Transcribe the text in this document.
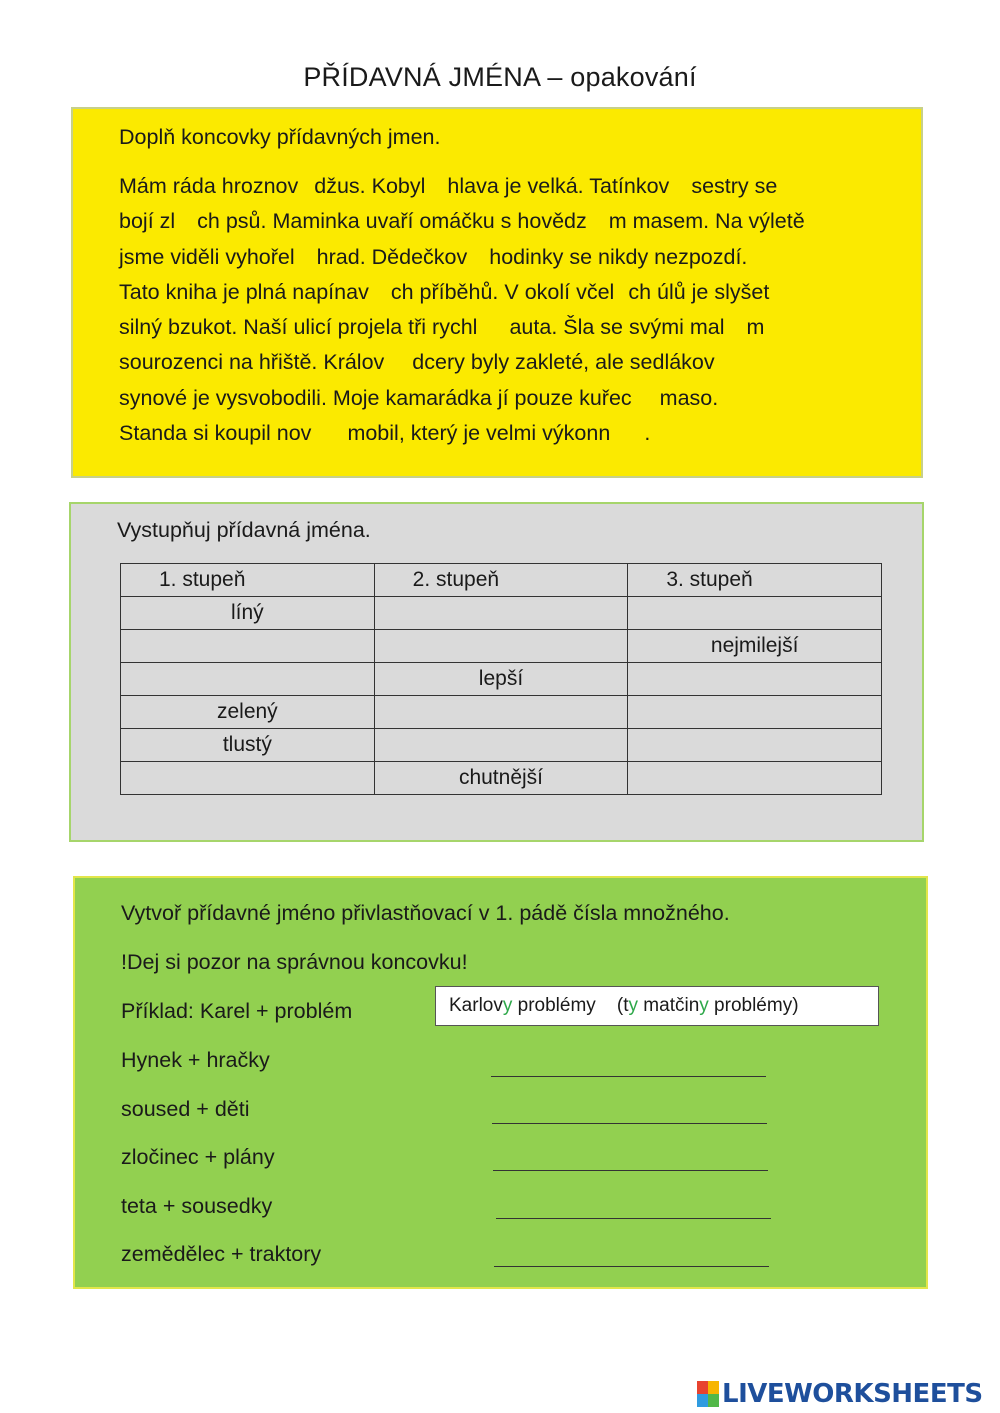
PŘÍDAVNÁ JMÉNA – opakování
Doplň koncovky přídavných jmen.

Mám ráda hroznov džus. Kobyl hlava je velká. Tatínkov sestry se
bojí zl ch psů. Maminka uvaří omáčku s hovědz m masem. Na výletě
jsme viděli vyhořel hrad. Dědečkov hodinky se nikdy nezpozdí.
Tato kniha je plná napínav ch příběhů. V okolí včel ch úlů je slyšet
silný bzukot. Naší ulicí projela tři rychl auta. Šla se svými mal m
sourozenci na hřiště. Králov dcery byly zakleté, ale sedlákov
synové je vysvobodili. Moje kamarádka jí pouze kuřec maso.
Standa si koupil nov mobil, který je velmi výkonn .

Vystupňuj přídavná jména.
1. stupeň	2. stupeň	3. stupeň
líný		
		nejmilejší
	lepší	
zelený		
tlustý		
	chutnější	
Vytvoř přídavné jméno přivlastňovací v 1. pádě čísla množného.
!Dej si pozor na správnou koncovku!
Příklad: Karel + problém	Karlovy problémy    (ty matčiny problémy)
Hynek + hračky
soused + děti
zločinec + plány
teta + sousedky
zemědělec + traktory
LIVEWORKSHEETS
